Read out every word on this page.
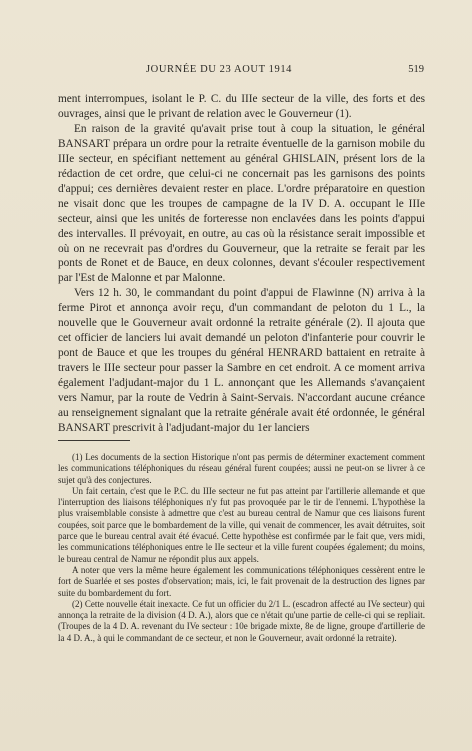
JOURNÉE DU 23 AOUT 1914	519

ment interrompues, isolant le P. C. du IIIe secteur de la ville, des forts et des ouvrages, ainsi que le privant de relation avec le Gouverneur (1).

En raison de la gravité qu'avait prise tout à coup la situation, le général BANSART prépara un ordre pour la retraite éventuelle de la garnison mobile du IIIe secteur, en spécifiant nettement au général GHISLAIN, présent lors de la rédaction de cet ordre, que celui-ci ne concernait pas les garnisons des points d'appui; ces dernières devaient rester en place. L'ordre préparatoire en question ne visait donc que les troupes de campagne de la IV D. A. occupant le IIIe secteur, ainsi que les unités de forteresse non enclavées dans les points d'appui des intervalles. Il prévoyait, en outre, au cas où la résistance serait impossible et où on ne recevrait pas d'ordres du Gouverneur, que la retraite se ferait par les ponts de Ronet et de Bauce, en deux colonnes, devant s'écouler respectivement par l'Est de Malonne et par Malonne.

Vers 12 h. 30, le commandant du point d'appui de Flawinne (N) arriva à la ferme Pirot et annonça avoir reçu, d'un commandant de peloton du 1 L., la nouvelle que le Gouverneur avait ordonné la retraite générale (2). Il ajouta que cet officier de lanciers lui avait demandé un peloton d'infanterie pour couvrir le pont de Bauce et que les troupes du général HENRARD battaient en retraite à travers le IIIe secteur pour passer la Sambre en cet endroit. A ce moment arriva également l'adjudant-major du 1 L. annonçant que les Allemands s'avançaient vers Namur, par la route de Vedrin à Saint-Servais. N'accordant aucune créance au renseignement signalant que la retraite générale avait été ordonnée, le général BANSART prescrivit à l'adjudant-major du 1er lanciers

(1) Les documents de la section Historique n'ont pas permis de déterminer exactement comment les communications téléphoniques du réseau général furent coupées; aussi ne peut-on se livrer à ce sujet qu'à des conjectures.

Un fait certain, c'est que le P.C. du IIIe secteur ne fut pas atteint par l'artillerie allemande et que l'interruption des liaisons téléphoniques n'y fut pas provoquée par le tir de l'ennemi. L'hypothèse la plus vraisemblable consiste à admettre que c'est au bureau central de Namur que ces liaisons furent coupées, soit parce que le bombardement de la ville, qui venait de commencer, les avait détruites, soit parce que le bureau central avait été évacué. Cette hypothèse est confirmée par le fait que, vers midi, les communications téléphoniques entre le IIe secteur et la ville furent coupées également; du moins, le bureau central de Namur ne répondit plus aux appels.

A noter que vers la même heure également les communications téléphoniques cessèrent entre le fort de Suarlée et ses postes d'observation; mais, ici, le fait provenait de la destruction des lignes par suite du bombardement du fort.

(2) Cette nouvelle était inexacte. Ce fut un officier du 2/1 L. (escadron affecté au IVe secteur) qui annonça la retraite de la division (4 D. A.), alors que ce n'était qu'une partie de celle-ci qui se repliait. (Troupes de la 4 D. A. revenant du IVe secteur : 10e brigade mixte, 8e de ligne, groupe d'artillerie de la 4 D. A., à qui le commandant de ce secteur, et non le Gouverneur, avait ordonné la retraite).
